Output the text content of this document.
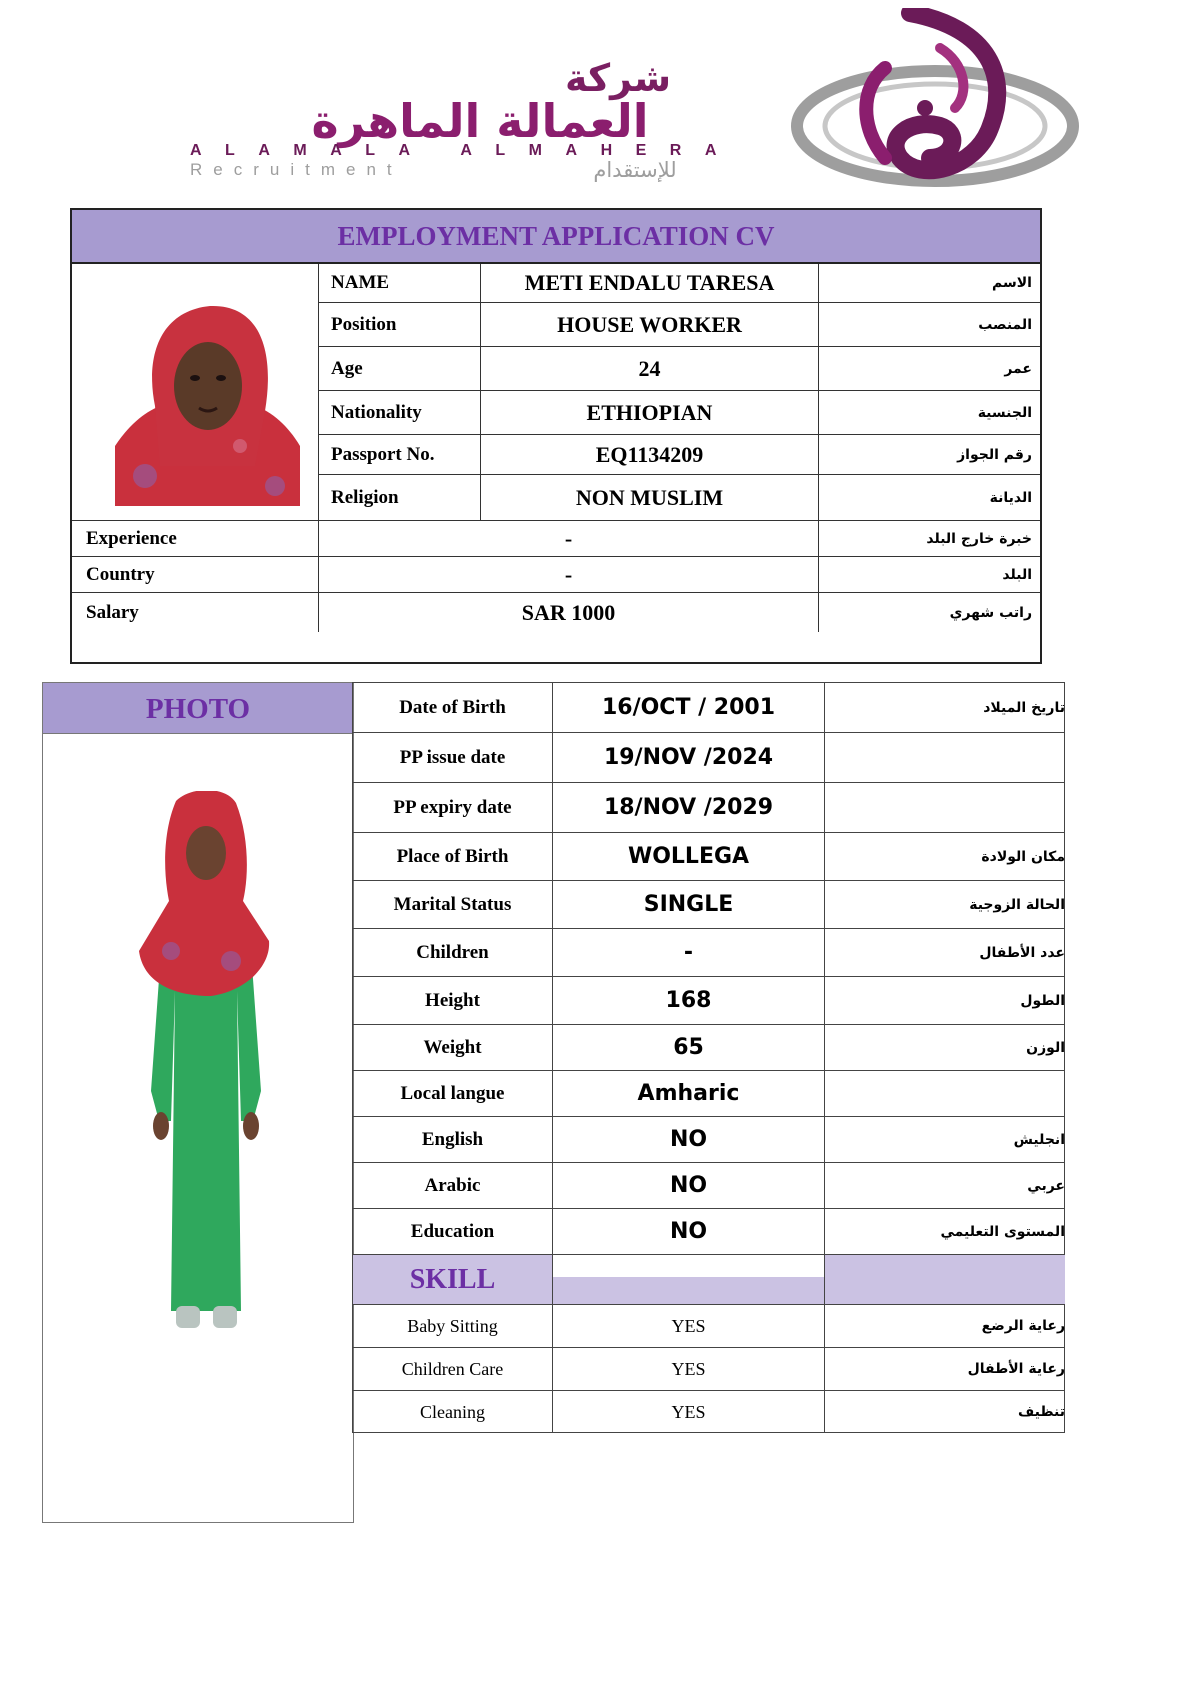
شركة
العمالة الماهرة
ALAMALA ALMAHERA
Recruitment	للإستقدام
EMPLOYMENT APPLICATION CV
NAME	METI ENDALU TARESA	الاسم
Position	HOUSE WORKER	المنصب
Age	24	عمر
Nationality	ETHIOPIAN	الجنسية
Passport No.	EQ1134209	رقم الجواز
Religion	NON MUSLIM	الديانة
Experience	-	خبرة خارج البلد
Country	-	البلد
Salary	SAR 1000	راتب شهري
PHOTO	Date of Birth	16/OCT / 2001	تاريخ الميلاد
PP issue date	19/NOV /2024
PP expiry date	18/NOV /2029
Place of Birth	WOLLEGA	مكان الولادة
Marital Status	SINGLE	الحالة الزوجية
Children	-	عدد الأطفال
Height	168	الطول
Weight	65	الوزن
Local langue	Amharic
English	NO	انجليش
Arabic	NO	عربي
Education	NO	المستوى التعليمي
SKILL
Baby Sitting	YES	رعاية الرضع
Children Care	YES	رعاية الأطفال
Cleaning	YES	تنظيف
